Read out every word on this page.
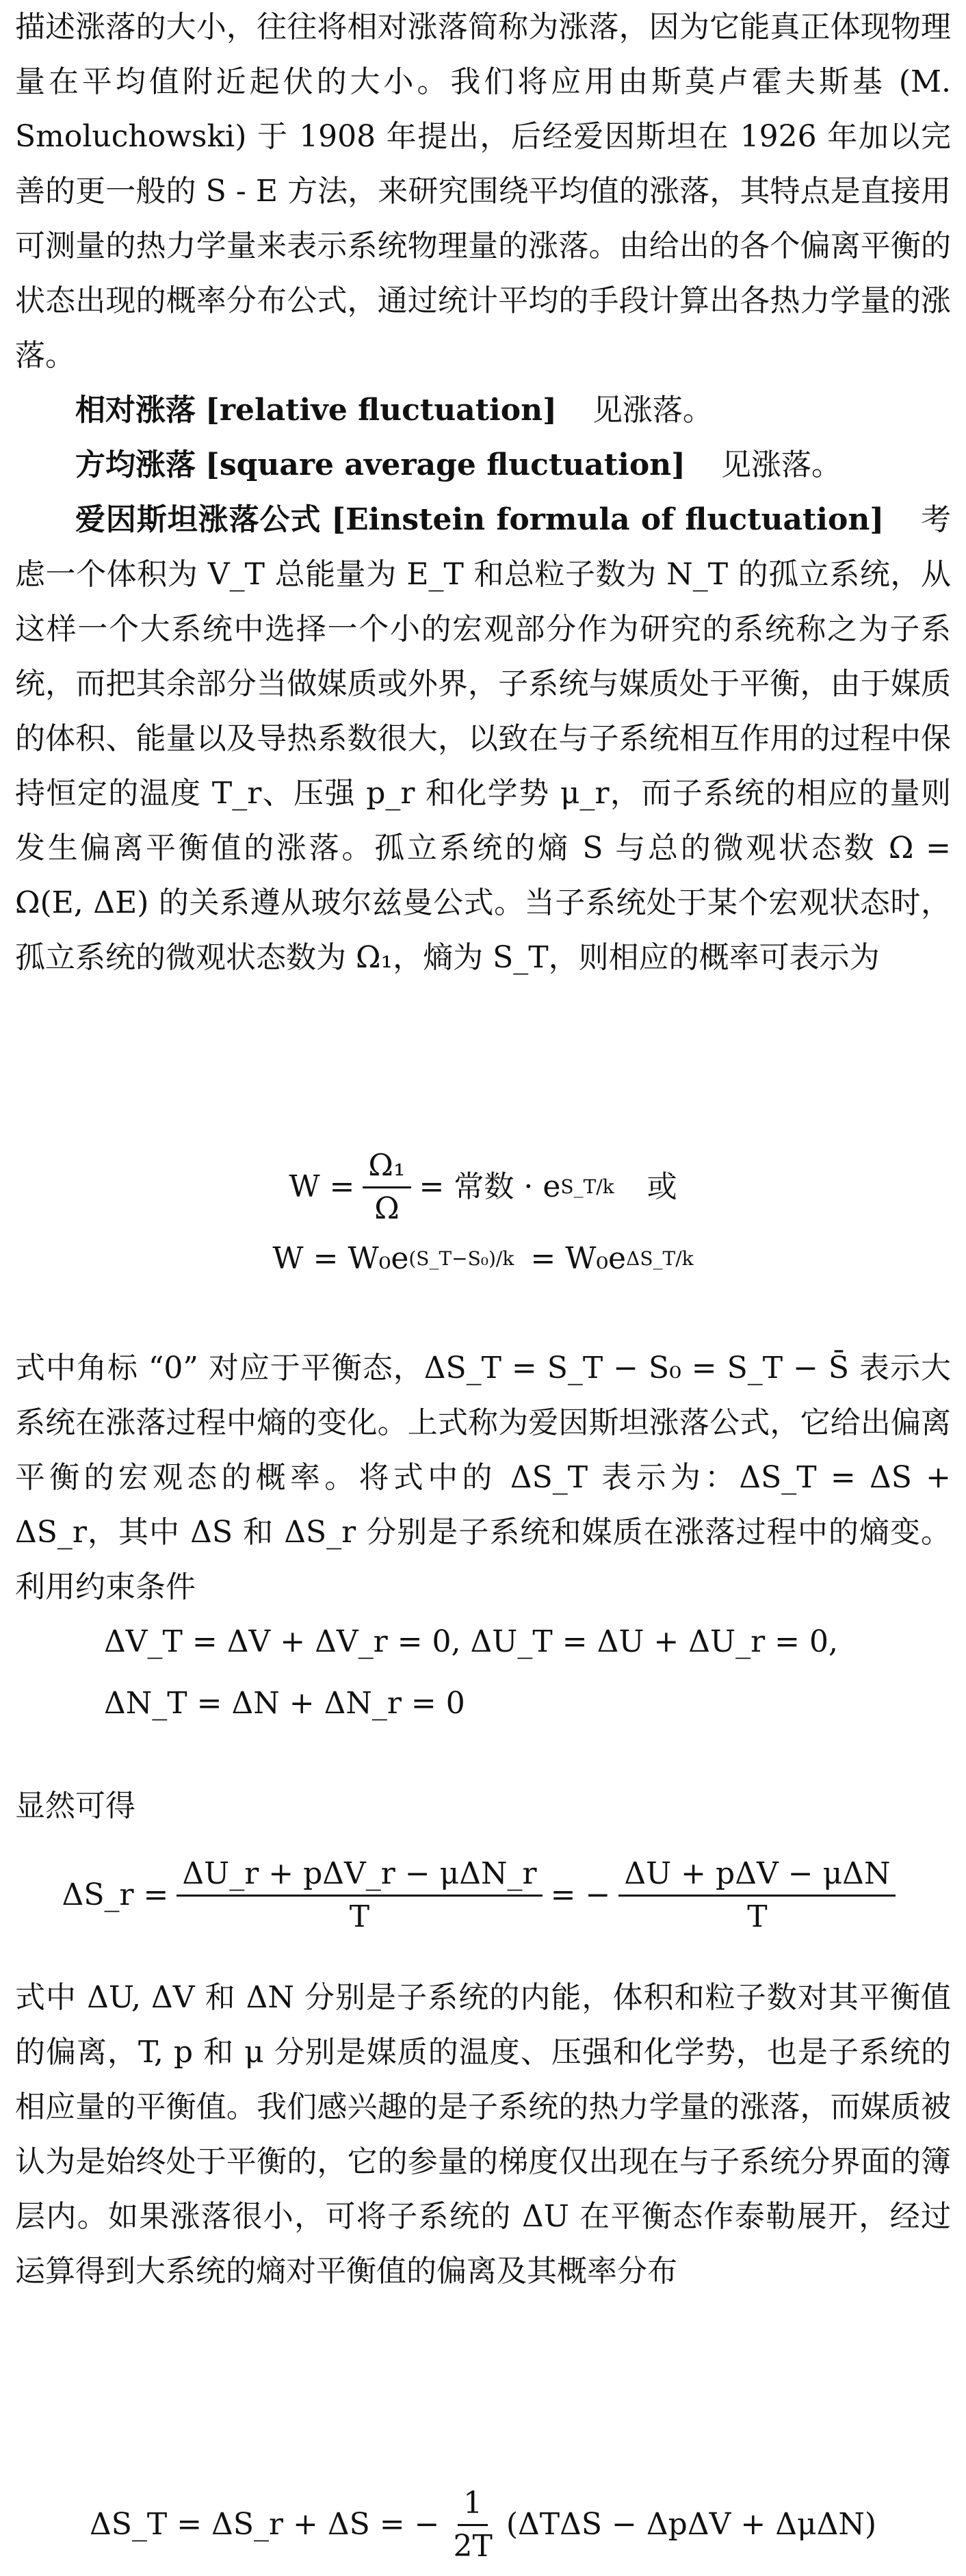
描述涨落的大小，往往将相对涨落简称为涨落，因为它能真正体现物理量在平均值附近起伏的大小。我们将应用由斯莫卢霍夫斯基 (M. Smoluchowski) 于 1908 年提出，后经爱因斯坦在 1926 年加以完善的更一般的 S - E 方法，来研究围绕平均值的涨落，其特点是直接用可测量的热力学量来表示系统物理量的涨落。由给出的各个偏离平衡的状态出现的概率分布公式，通过统计平均的手段计算出各热力学量的涨落。

相对涨落 [relative fluctuation] 见涨落。

方均涨落 [square average fluctuation] 见涨落。

爱因斯坦涨落公式 [Einstein formula of fluctuation] 考虑一个体积为 V_T 总能量为 E_T 和总粒子数为 N_T 的孤立系统，从这样一个大系统中选择一个小的宏观部分作为研究的系统称之为子系统，而把其余部分当做媒质或外界，子系统与媒质处于平衡，由于媒质的体积、能量以及导热系数很大，以致在与子系统相互作用的过程中保持恒定的温度 T_r、压强 p_r 和化学势 μ_r，而子系统的相应的量则发生偏离平衡值的涨落。孤立系统的熵 S 与总的微观状态数 Ω = Ω(E, ΔE) 的关系遵从玻尔兹曼公式。当子系统处于某个宏观状态时，孤立系统的微观状态数为 Ω₁，熵为 S_T，则相应的概率可表示为

$W = \frac{\text{Ω₁}}{\Omega}$ = 常数 · e S_T/k 或
W = W₀e (S_T−S₀)/k = W₀e ΔS_T/k

式中角标 “0” 对应于平衡态，ΔS_T = S_T − S₀ = S_T − S̄ 表示大系统在涨落过程中熵的变化。上式称为爱因斯坦涨落公式，它给出偏离平衡的宏观态的概率。将式中的 ΔS_T 表示为：ΔS_T = ΔS + ΔS_r，其中 ΔS 和 ΔS_r 分别是子系统和媒质在涨落过程中的熵变。利用约束条件

ΔV_T = ΔV + ΔV_r = 0, ΔU_T = ΔU + ΔU_r = 0,
ΔN_T = ΔN + ΔN_r = 0

显然可得

ΔS_r = $\frac{\text{ΔU\_r + pΔV\_r − μΔN\_r}}{T}$ = − $\frac{\text{ΔU + pΔV − μΔN}}{T}$

式中 ΔU, ΔV 和 ΔN 分别是子系统的内能，体积和粒子数对其平衡值的偏离，T, p 和 μ 分别是媒质的温度、压强和化学势，也是子系统的相应量的平衡值。我们感兴趣的是子系统的热力学量的涨落，而媒质被认为是始终处于平衡的，它的参量的梯度仅出现在与子系统分界面的簿层内。如果涨落很小，可将子系统的 ΔU 在平衡态作泰勒展开，经过运算得到大系统的熵对平衡值的偏离及其概率分布

ΔS_T = ΔS_r + ΔS = − $\frac{1}{2T} (\Delta T\Delta S - \Delta p\Delta V + \Delta\mu\Delta N)$
